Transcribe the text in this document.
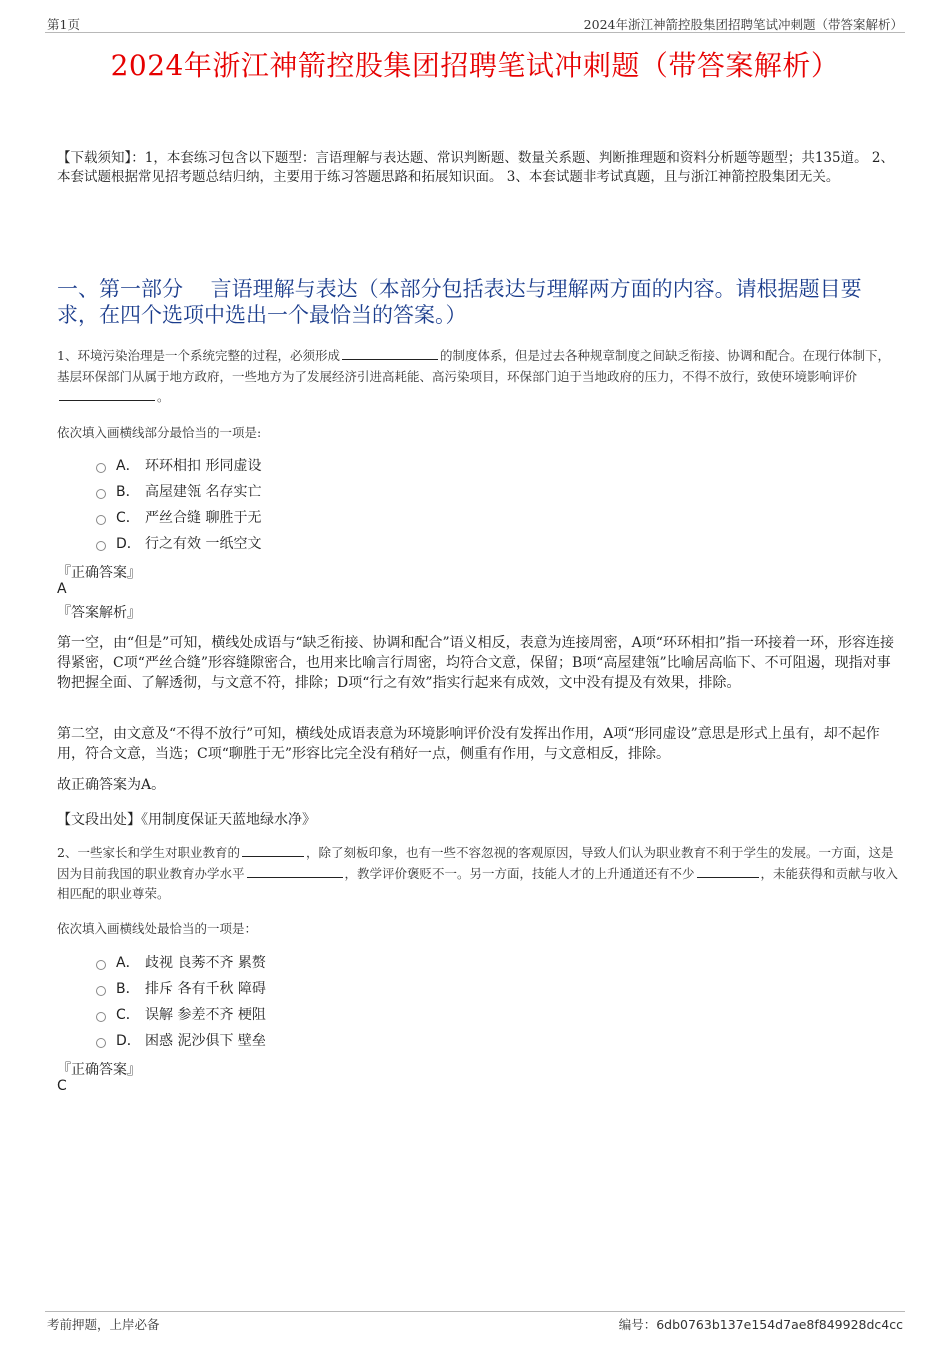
第1页	2024年浙江神箭控股集团招聘笔试冲刺题（带答案解析）
2024年浙江神箭控股集团招聘笔试冲刺题（带答案解析）
【下载须知】：1，本套练习包含以下题型：言语理解与表达题、常识判断题、数量关系题、判断推理题和资料分析题等题型；共135道。 2、本套试题根据常见招考题总结归纳，主要用于练习答题思路和拓展知识面。 3、本套试题非考试真题，且与浙江神箭控股集团无关。
一、第一部分　 言语理解与表达（本部分包括表达与理解两方面的内容。请根据题目要求，在四个选项中选出一个最恰当的答案。）
1、环境污染治理是一个系统完整的过程，必须形成	的制度体系，但是过去各种规章制度之间缺乏衔接、协调和配合。在现行体制下，基层环保部门从属于地方政府，一些地方为了发展经济引进高耗能、高污染项目，环保部门迫于当地政府的压力，不得不放行，致使环境影响评价。
依次填入画横线部分最恰当的一项是:
A． 环环相扣 形同虚设
B． 高屋建瓴 名存实亡
C． 严丝合缝 聊胜于无
D． 行之有效 一纸空文
『正确答案』
A
『答案解析』
第一空，由“但是”可知，横线处成语与“缺乏衔接、协调和配合”语义相反，表意为连接周密，A项“环环相扣”指一环接着一环，形容连接得紧密，C项“严丝合缝”形容缝隙密合，也用来比喻言行周密，均符合文意，保留；B项“高屋建瓴”比喻居高临下、不可阻遏，现指对事物把握全面、了解透彻，与文意不符，排除；D项“行之有效”指实行起来有成效，文中没有提及有效果，排除。
第二空，由文意及“不得不放行”可知，横线处成语表意为环境影响评价没有发挥出作用，A项“形同虚设”意思是形式上虽有，却不起作用，符合文意，当选；C项“聊胜于无”形容比完全没有稍好一点，侧重有作用，与文意相反，排除。
故正确答案为A。
【文段出处】《用制度保证天蓝地绿水净》
2、一些家长和学生对职业教育的	，除了刻板印象，也有一些不容忽视的客观原因，导致人们认为职业教育不利于学生的发展。一方面，这是因为目前我国的职业教育办学水平	，教学评价褒贬不一。另一方面，技能人才的上升通道还有不少	，未能获得和贡献与收入相匹配的职业尊荣。
依次填入画横线处最恰当的一项是：
A． 歧视 良莠不齐 累赘
B． 排斥 各有千秋 障碍
C． 误解 参差不齐 梗阻
D． 困惑 泥沙俱下 壁垒
『正确答案』
C
考前押题，上岸必备	编号：6db0763b137e154d7ae8f849928dc4cc
